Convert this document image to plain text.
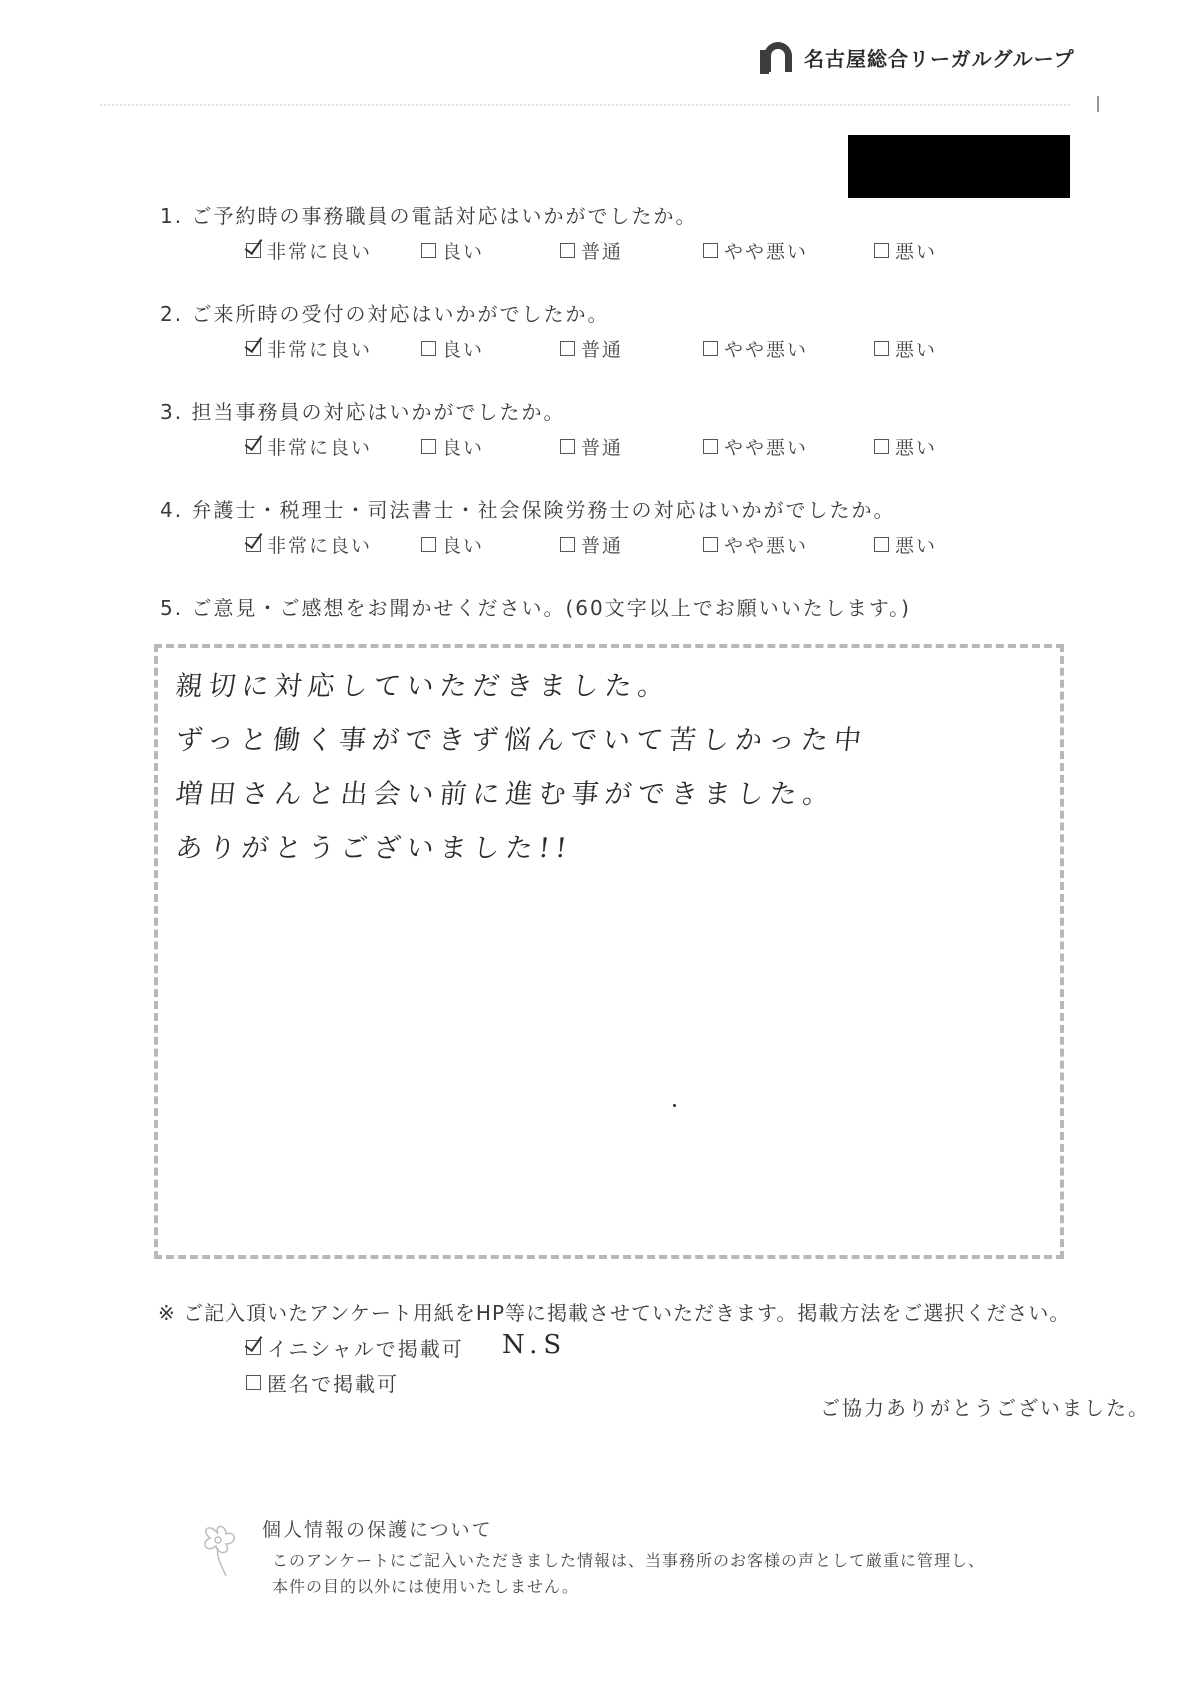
名古屋総合リーガルグループ
1. ご予約時の事務職員の電話対応はいかがでしたか。
非常に良い	良い	普通	やや悪い	悪い
2. ご来所時の受付の対応はいかがでしたか。
非常に良い	良い	普通	やや悪い	悪い
3. 担当事務員の対応はいかがでしたか。
非常に良い	良い	普通	やや悪い	悪い
4. 弁護士・税理士・司法書士・社会保険労務士の対応はいかがでしたか。
非常に良い	良い	普通	やや悪い	悪い
5. ご意見・ご感想をお聞かせください。(60文字以上でお願いいたします。)
親切に対応していただきました。
ずっと働く事ができず悩んでいて苦しかった中
増田さんと出会い前に進む事ができました。
ありがとうございました!!
※ ご記入頂いたアンケート用紙をHP等に掲載させていただきます。掲載方法をご選択ください。
イニシャルで掲載可 N.S
匿名で掲載可
ご協力ありがとうございました。
個人情報の保護について
このアンケートにご記入いただきました情報は、当事務所のお客様の声として厳重に管理し、
本件の目的以外には使用いたしません。
